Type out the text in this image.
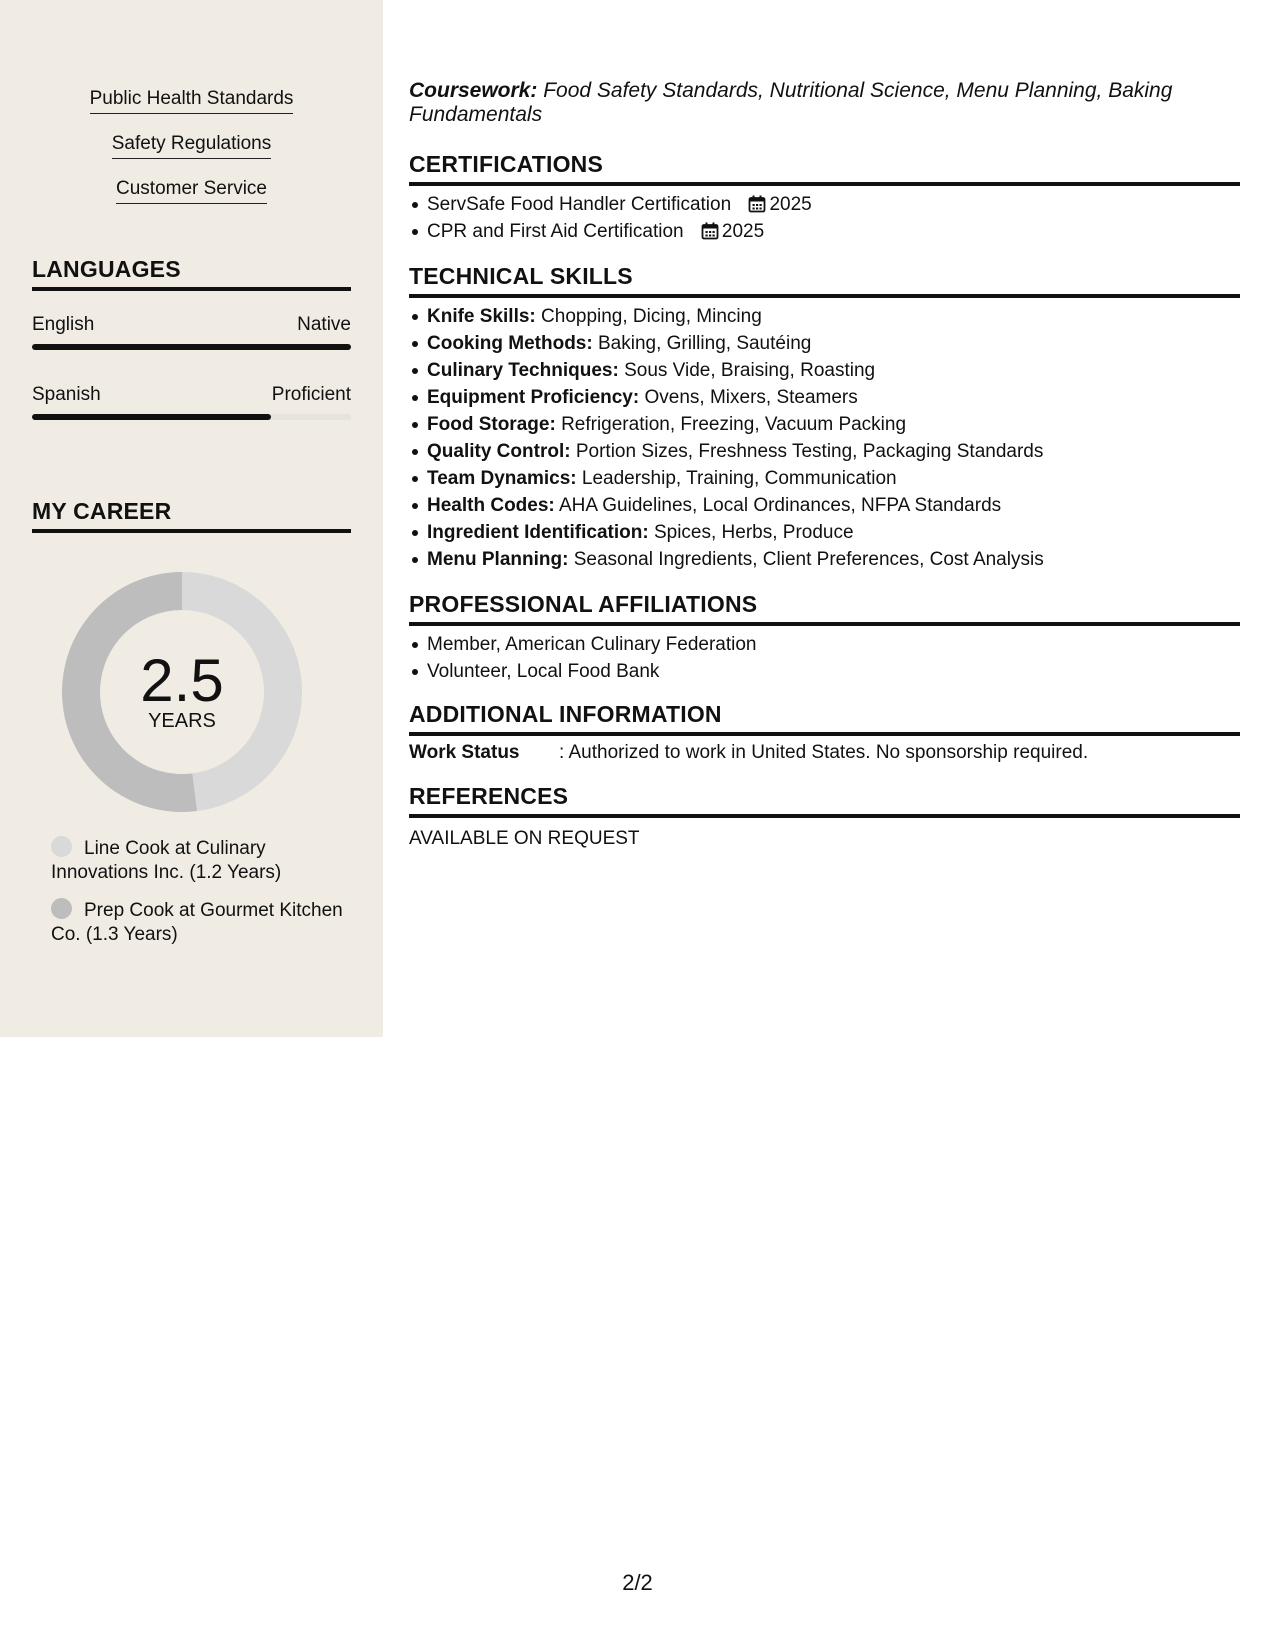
Public Health Standards
Safety Regulations
Customer Service
LANGUAGES
English	Native
Spanish	Proficient
MY CAREER
2.5
YEARS
Line Cook at Culinary Innovations Inc. (1.2 Years)
Prep Cook at Gourmet Kitchen Co. (1.3 Years)
Coursework: Food Safety Standards, Nutritional Science, Menu Planning, Baking Fundamentals
CERTIFICATIONS
ServSafe Food Handler Certification 2025
CPR and First Aid Certification 2025
TECHNICAL SKILLS
Knife Skills: Chopping, Dicing, Mincing
Cooking Methods: Baking, Grilling, Sautéing
Culinary Techniques: Sous Vide, Braising, Roasting
Equipment Proficiency: Ovens, Mixers, Steamers
Food Storage: Refrigeration, Freezing, Vacuum Packing
Quality Control: Portion Sizes, Freshness Testing, Packaging Standards
Team Dynamics: Leadership, Training, Communication
Health Codes: AHA Guidelines, Local Ordinances, NFPA Standards
Ingredient Identification: Spices, Herbs, Produce
Menu Planning: Seasonal Ingredients, Client Preferences, Cost Analysis
PROFESSIONAL AFFILIATIONS
Member, American Culinary Federation
Volunteer, Local Food Bank
ADDITIONAL INFORMATION
Work Status : Authorized to work in United States. No sponsorship required.
REFERENCES
AVAILABLE ON REQUEST
2/2
